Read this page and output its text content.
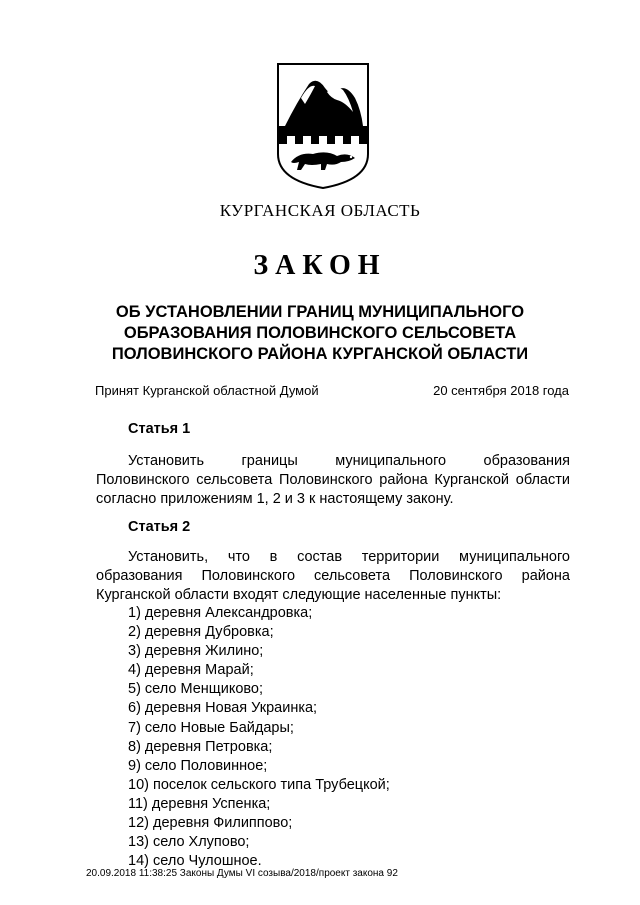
КУРГАНСКАЯ ОБЛАСТЬ
ЗАКОН
ОБ УСТАНОВЛЕНИИ ГРАНИЦ МУНИЦИПАЛЬНОГО
ОБРАЗОВАНИЯ ПОЛОВИНСКОГО СЕЛЬСОВЕТА
ПОЛОВИНСКОГО РАЙОНА КУРГАНСКОЙ ОБЛАСТИ
Принят Курганской областной Думой	20 сентября 2018 года
Статья 1
Установить границы муниципального образования
Половинского сельсовета Половинского района Курганской области
согласно приложениям 1, 2 и 3 к настоящему закону.
Статья 2
Установить, что в состав территории муниципального
образования Половинского сельсовета Половинского района
Курганской области входят следующие населенные пункты:
1) деревня Александровка;
2) деревня Дубровка;
3) деревня Жилино;
4) деревня Марай;
5) село Менщиково;
6) деревня Новая Украинка;
7) село Новые Байдары;
8) деревня Петровка;
9) село Половинное;
10) поселок сельского типа Трубецкой;
11) деревня Успенка;
12) деревня Филиппово;
13) село Хлупово;
14) село Чулошное.
20.09.2018 11:38:25 Законы Думы VI созыва/2018/проект закона 92
